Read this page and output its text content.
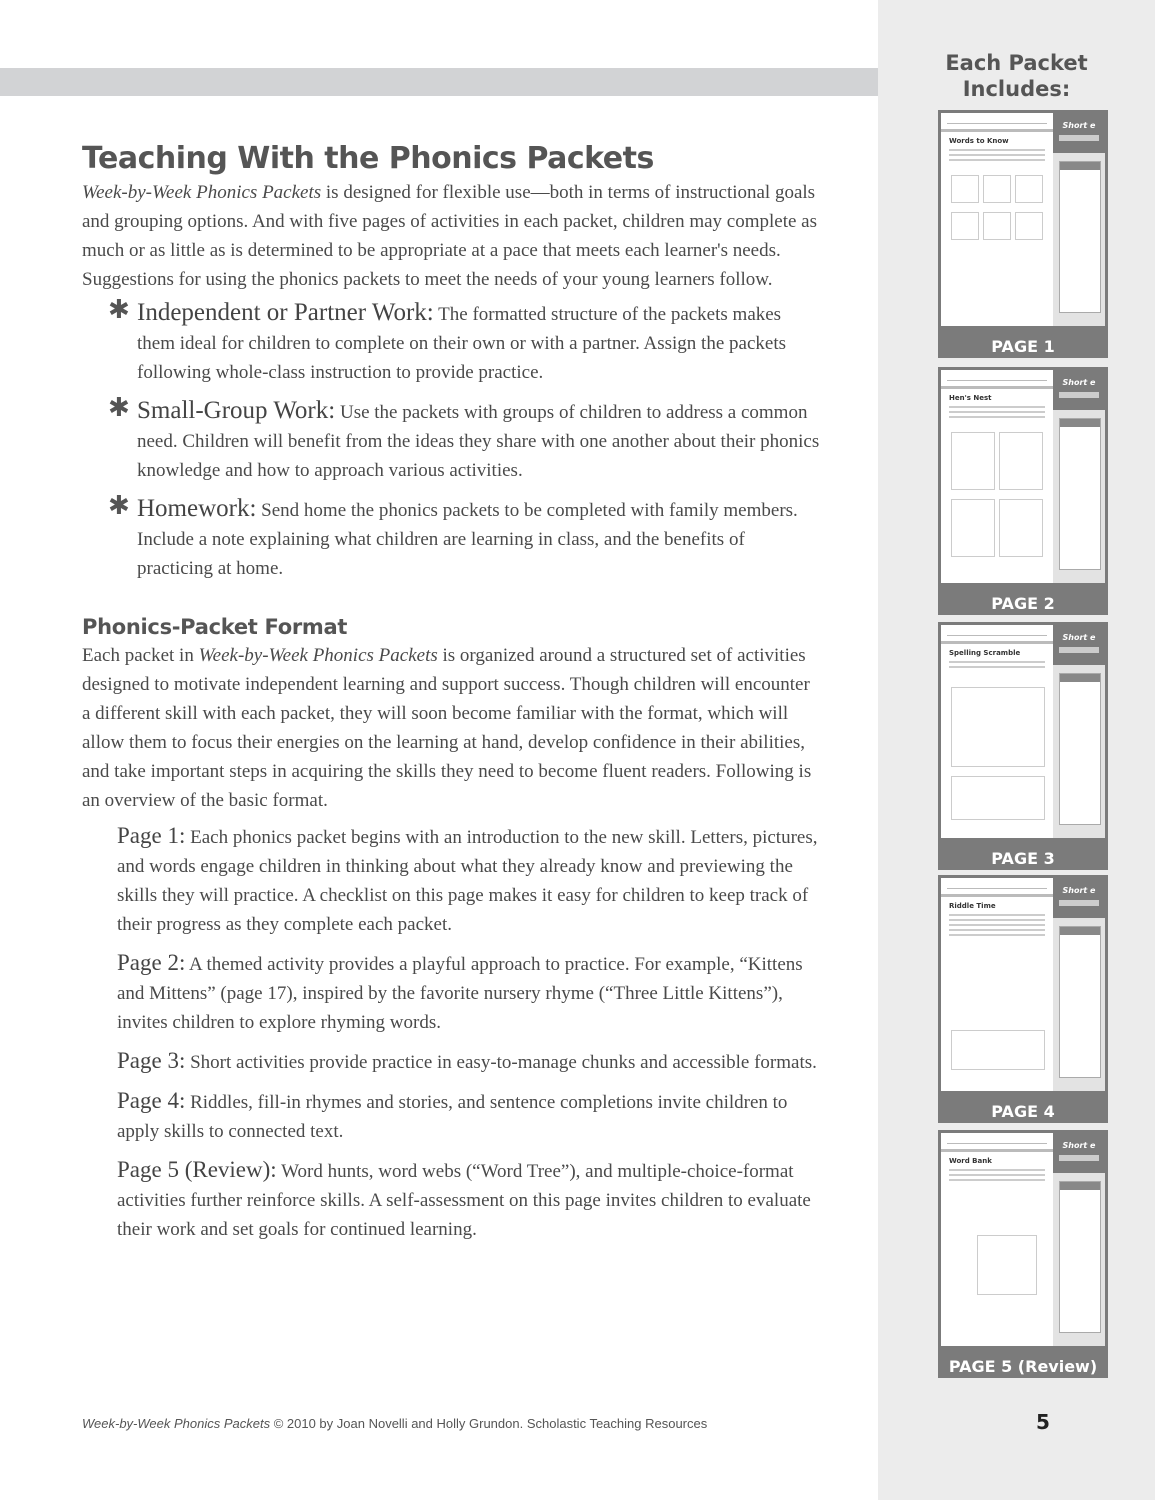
Teaching With the Phonics Packets

Week-by-Week Phonics Packets is designed for flexible use—both in terms of instructional goals and grouping options. And with five pages of activities in each packet, children may complete as much or as little as is determined to be appropriate at a pace that meets each learner's needs. Suggestions for using the phonics packets to meet the needs of your young learners follow.

✱ Independent or Partner Work: The formatted structure of the packets makes them ideal for children to complete on their own or with a partner. Assign the packets following whole-class instruction to provide practice.
✱ Small-Group Work: Use the packets with groups of children to address a common need. Children will benefit from the ideas they share with one another about their phonics knowledge and how to approach various activities.
✱ Homework: Send home the phonics packets to be completed with family members. Include a note explaining what children are learning in class, and the benefits of practicing at home.
Phonics-Packet Format

Each packet in Week-by-Week Phonics Packets is organized around a structured set of activities designed to motivate independent learning and support success. Though children will encounter a different skill with each packet, they will soon become familiar with the format, which will allow them to focus their energies on the learning at hand, develop confidence in their abilities, and take important steps in acquiring the skills they need to become fluent readers. Following is an overview of the basic format.

Page 1: Each phonics packet begins with an introduction to the new skill. Letters, pictures, and words engage children in thinking about what they already know and previewing the skills they will practice. A checklist on this page makes it easy for children to keep track of their progress as they complete each packet.

Page 2: A themed activity provides a playful approach to practice. For example, “Kittens and Mittens” (page 17), inspired by the favorite nursery rhyme (“Three Little Kittens”), invites children to explore rhyming words.

Page 3: Short activities provide practice in easy-to-manage chunks and accessible formats.

Page 4: Riddles, fill-in rhymes and stories, and sentence completions invite children to apply skills to connected text.

Page 5 (Review): Word hunts, word webs (“Word Tree”), and multiple-choice-format activities further reinforce skills. A self-assessment on this page invites children to evaluate their work and set goals for continued learning.

Week-by-Week Phonics Packets © 2010 by Joan Novelli and Holly Grundon. Scholastic Teaching Resources	5
Each Packet
Includes:
Words to Know
Short e
PAGE 1
Hen's Nest
Short e
PAGE 2
Spelling Scramble
Short e
PAGE 3
Riddle Time
Short e
PAGE 4
Word Bank
Short e
PAGE 5 (Review)
